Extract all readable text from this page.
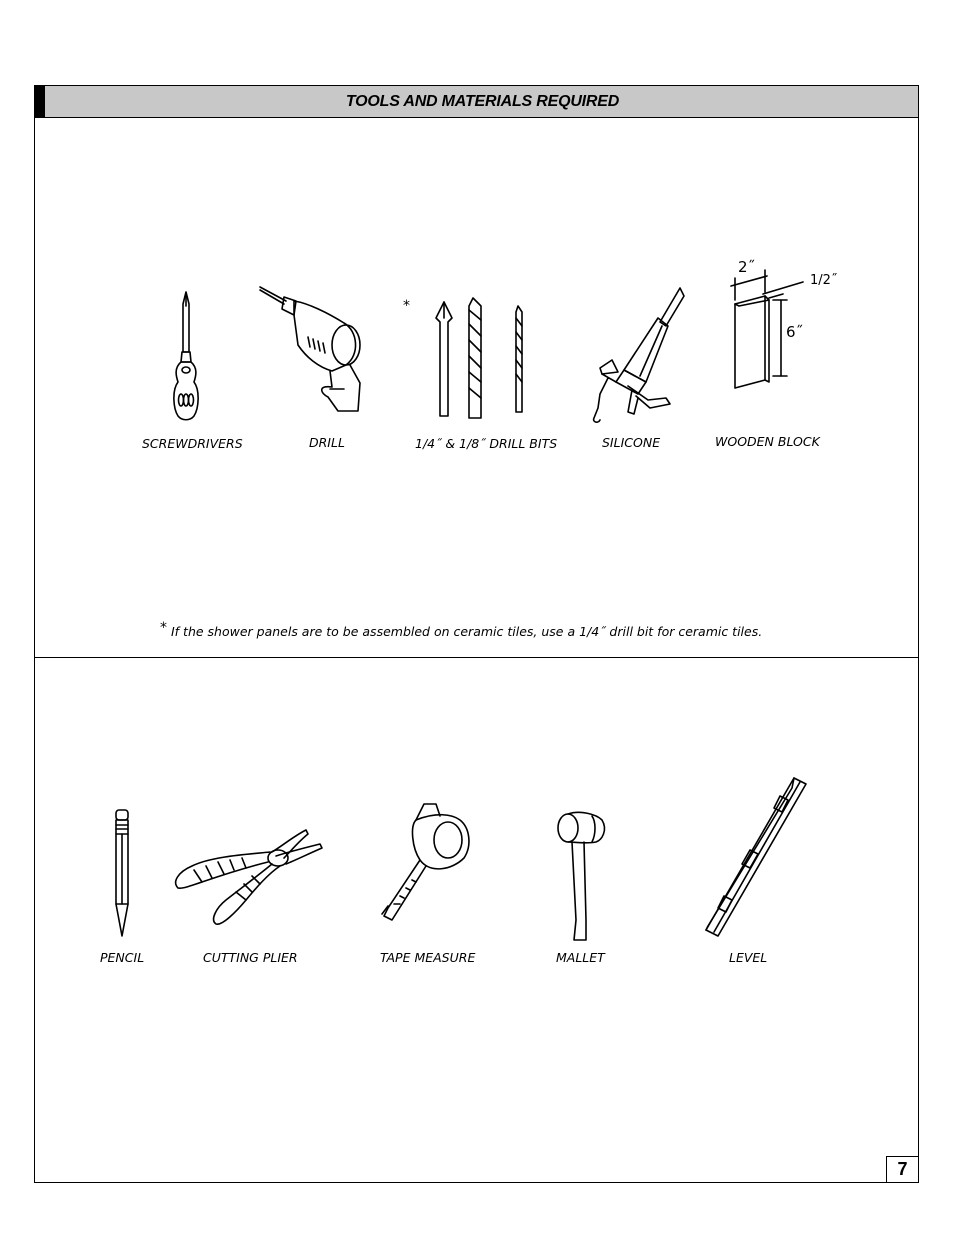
TOOLS AND MATERIALS REQUIRED
*
2˝
1/2˝
6˝
SCREWDRIVERS	DRILL	1/4˝ & 1/8˝ DRILL BITS	SILICONE	WOODEN BLOCK
* If the shower panels are to be assembled on ceramic tiles, use a 1/4˝ drill bit for ceramic tiles.
PENCIL	CUTTING PLIER	TAPE MEASURE	MALLET	LEVEL
7
